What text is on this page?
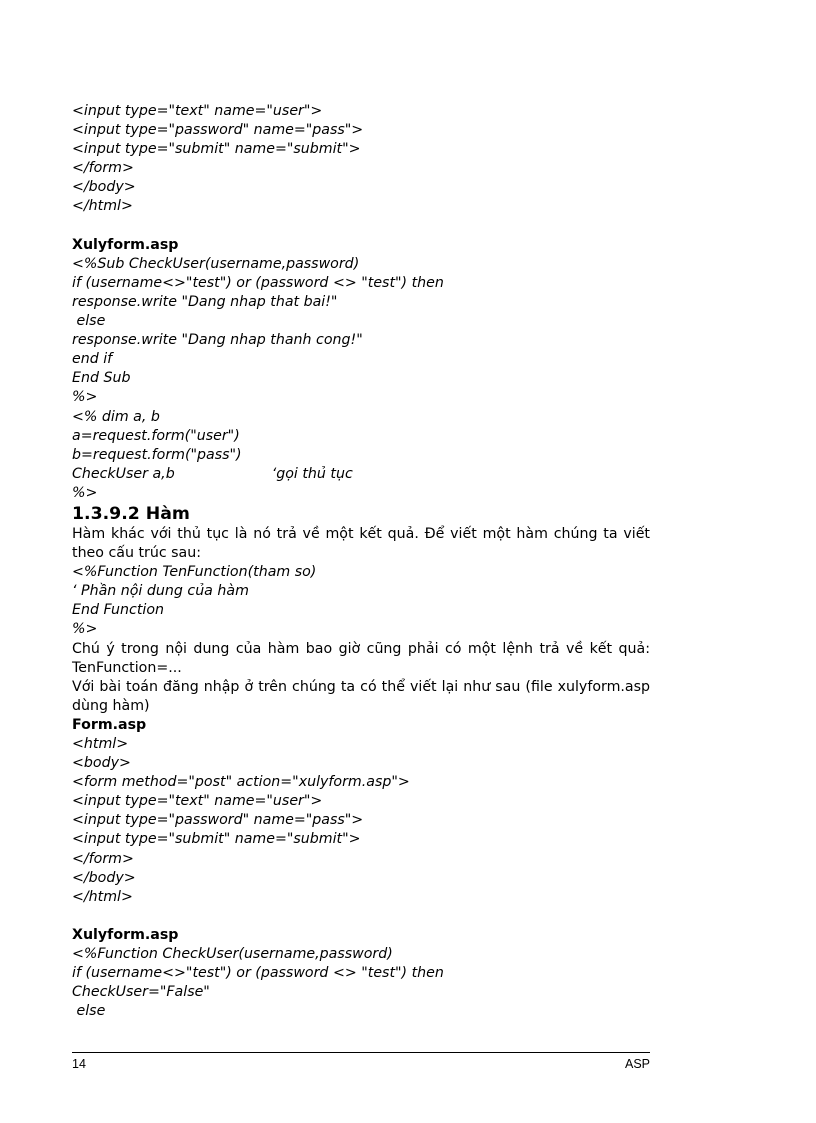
<input type="text" name="user">

<input type="password" name="pass">

<input type="submit" name="submit">

</form>

</body>

</html>

Xulyform.asp

<%Sub CheckUser(username,password)

if (username<>"test") or (password <> "test") then

response.write "Dang nhap that bai!"

else

response.write "Dang nhap thanh cong!"

end if

End Sub

%>

<% dim a, b

a=request.form("user")

b=request.form("pass")

CheckUser a,b	‘gọi thủ tục

%>

1.3.9.2 Hàm

Hàm khác với thủ tục là nó trả về một kết quả. Để viết một hàm chúng ta viết theo cấu trúc sau:

<%Function TenFunction(tham so)

‘ Phần nội dung của hàm

End Function

%>

Chú ý trong nội dung của hàm bao giờ cũng phải có một lệnh trả về kết quả: TenFunction=...

Với bài toán đăng nhập ở trên chúng ta có thể viết lại như sau (file xulyform.asp dùng hàm)

Form.asp

<html>

<body>

<form method="post" action="xulyform.asp">

<input type="text" name="user">

<input type="password" name="pass">

<input type="submit" name="submit">

</form>

</body>

</html>

Xulyform.asp

<%Function CheckUser(username,password)

if (username<>"test") or (password <> "test") then

CheckUser="False"

else

14	ASP
